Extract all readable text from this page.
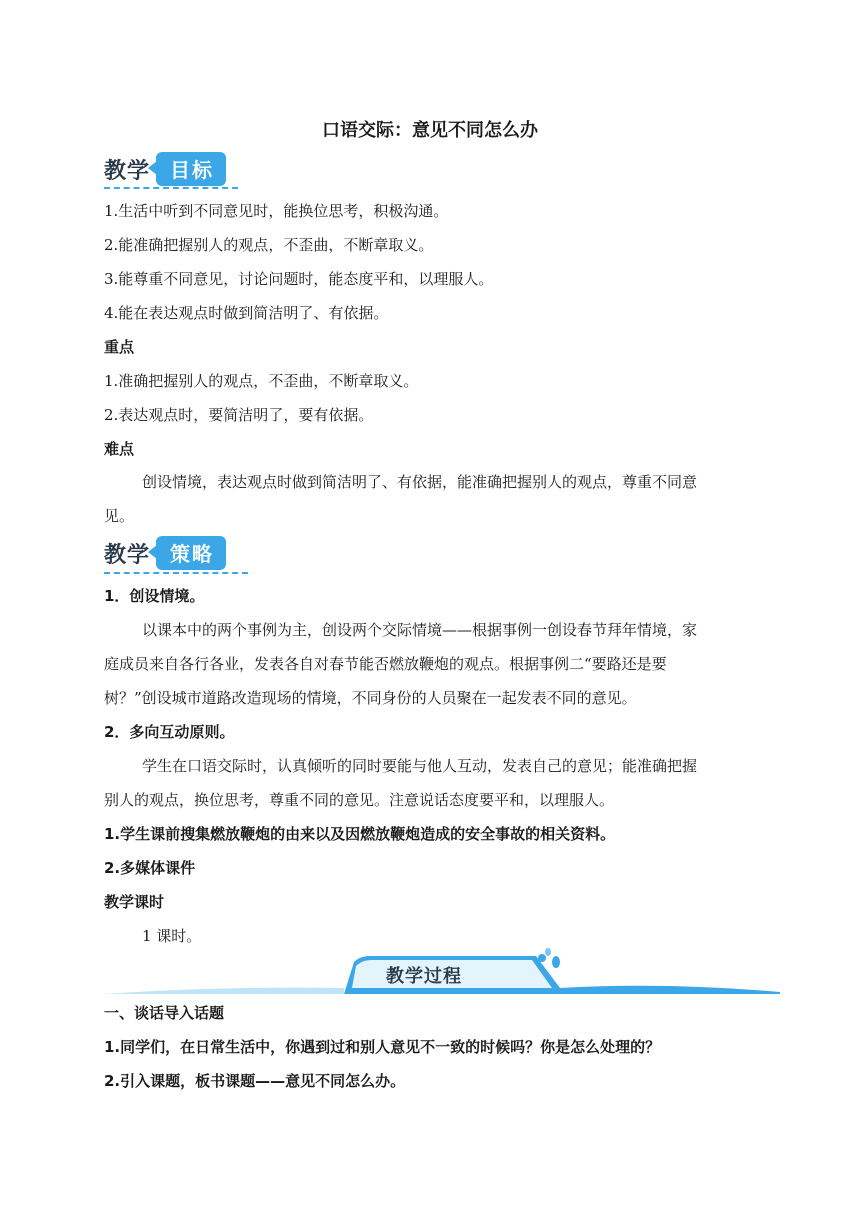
口语交际：意见不同怎么办
教学	目标
1.生活中听到不同意见时，能换位思考，积极沟通。
2.能准确把握别人的观点，不歪曲，不断章取义。
3.能尊重不同意见，讨论问题时，能态度平和，以理服人。
4.能在表达观点时做到简洁明了、有依据。
重点
1.准确把握别人的观点，不歪曲，不断章取义。
2.表达观点时，要简洁明了，要有依据。
难点
创设情境，表达观点时做到简洁明了、有依据，能准确把握别人的观点，尊重不同意
见。
教学	策略
1．创设情境。
以课本中的两个事例为主，创设两个交际情境——根据事例一创设春节拜年情境，家
庭成员来自各行各业，发表各自对春节能否燃放鞭炮的观点。根据事例二“要路还是要
树？”创设城市道路改造现场的情境，不同身份的人员聚在一起发表不同的意见。
2．多向互动原则。
学生在口语交际时，认真倾听的同时要能与他人互动，发表自己的意见；能准确把握
别人的观点，换位思考，尊重不同的意见。注意说话态度要平和，以理服人。
1.学生课前搜集燃放鞭炮的由来以及因燃放鞭炮造成的安全事故的相关资料。
2.多媒体课件
教学课时
1 课时。
教学过程
一、谈话导入话题
1.同学们，在日常生活中，你遇到过和别人意见不一致的时候吗？你是怎么处理的？
2.引入课题，板书课题——意见不同怎么办。
